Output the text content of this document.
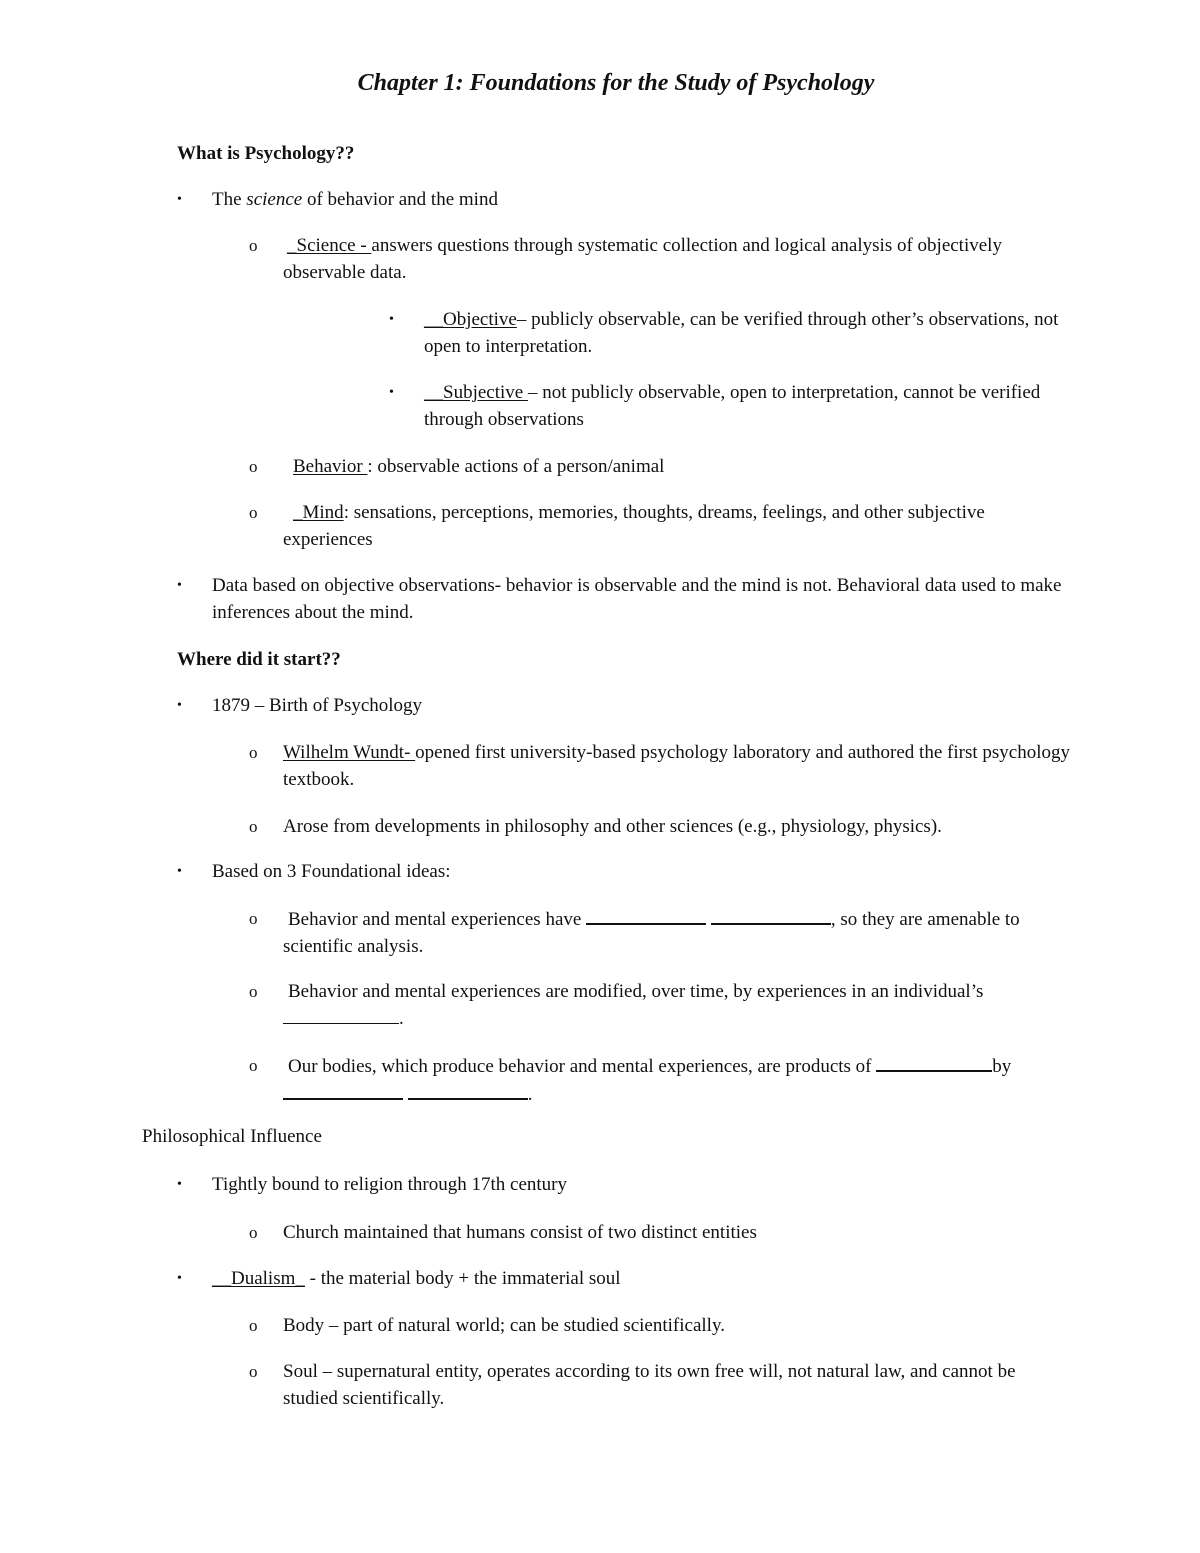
Chapter 1: Foundations for the Study of Psychology
What is Psychology??
• The science of behavior and the mind
o _Science - answers questions through systematic collection and logical analysis of objectively observable data.
• __Objective– publicly observable, can be verified through other’s observations, not open to interpretation.
• __Subjective – not publicly observable, open to interpretation, cannot be verified through observations
o	Behavior : observable actions of a person/animal
o	_Mind: sensations, perceptions, memories, thoughts, dreams, feelings, and other subjective experiences
• Data based on objective observations- behavior is observable and the mind is not. Behavioral data used to make inferences about the mind.
Where did it start??
• 1879 – Birth of Psychology
o Wilhelm Wundt- opened first university-based psychology laboratory and authored the first psychology textbook.
o Arose from developments in philosophy and other sciences (e.g., physiology, physics).
• Based on 3 Foundational ideas:
o Behavior and mental experiences have	, so they are amenable to scientific analysis.
o Behavior and mental experiences are modified, over time, by experiences in an individual’s .
o Our bodies, which produce behavior and mental experiences, are products of	by  .
Philosophical Influence
• Tightly bound to religion through 17th century
o Church maintained that humans consist of two distinct entities
• __Dualism_ - the material body + the immaterial soul
o Body – part of natural world; can be studied scientifically.
o Soul – supernatural entity, operates according to its own free will, not natural law, and cannot be studied scientifically.
